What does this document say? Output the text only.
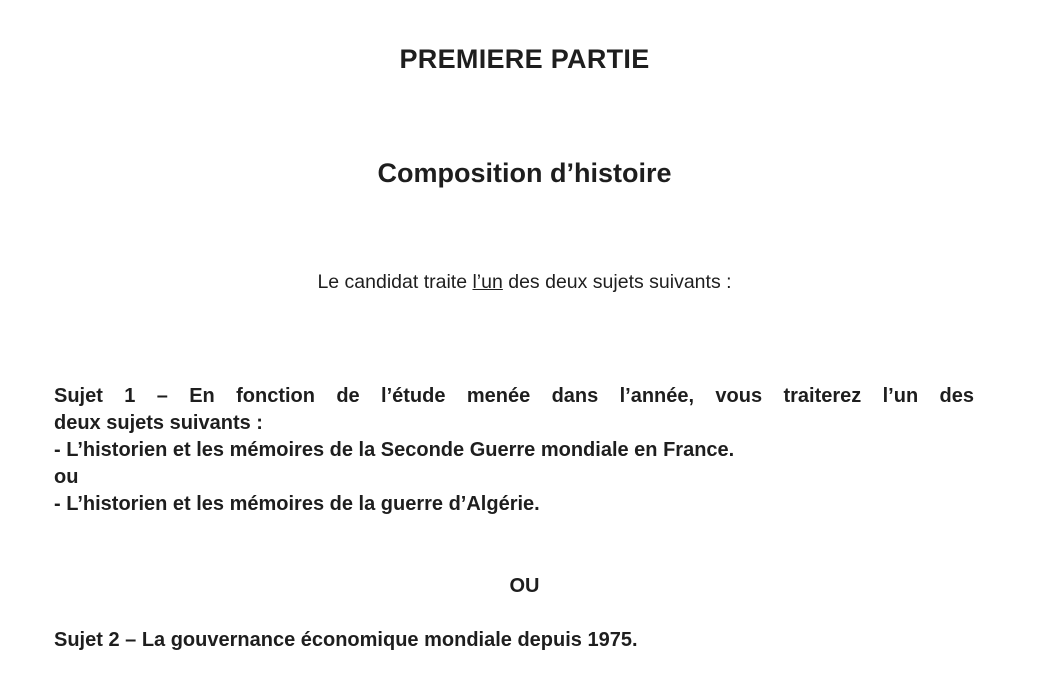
PREMIERE PARTIE
Composition d’histoire
Le candidat traite l’un des deux sujets suivants :
Sujet 1 – En fonction de l’étude menée dans l’année, vous traiterez l’un des
deux sujets suivants :
- L’historien et les mémoires de la Seconde Guerre mondiale en France.
ou
- L’historien et les mémoires de la guerre d’Algérie.
OU
Sujet 2 – La gouvernance économique mondiale depuis 1975.
